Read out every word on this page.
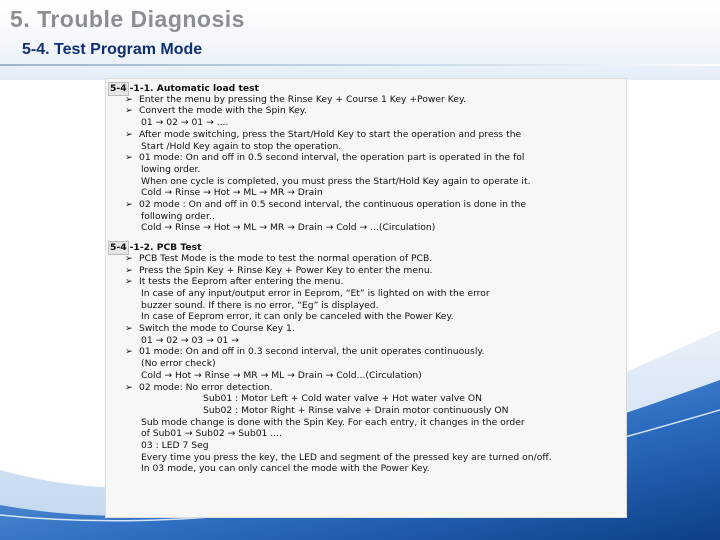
5. Trouble Diagnosis
5-4. Test Program Mode
5-4 -1-1. Automatic load test
➢ Enter the menu by pressing the Rinse Key + Course 1 Key +Power Key.
➢ Convert the mode with the Spin Key.
01 → 02 → 01 → ....
➢ After mode switching, press the Start/Hold Key to start the operation and press the
Start /Hold Key again to stop the operation.
➢ 01 mode: On and off in 0.5 second interval, the operation part is operated in the fol
lowing order.
When one cycle is completed, you must press the Start/Hold Key again to operate it.
Cold → Rinse → Hot → ML → MR → Drain
➢ 02 mode : On and off in 0.5 second interval, the continuous operation is done in the
following order..
Cold → Rinse → Hot → ML → MR → Drain → Cold → ...(Circulation)
5-4 -1-2. PCB Test
➢ PCB Test Mode is the mode to test the normal operation of PCB.
➢ Press the Spin Key + Rinse Key + Power Key to enter the menu.
➢ It tests the Eeprom after entering the menu.
In case of any input/output error in Eeprom, “Et” is lighted on with the error
buzzer sound. If there is no error, “Eg” is displayed.
In case of Eeprom error, it can only be canceled with the Power Key.
➢ Switch the mode to Course Key 1.
01 → 02 → 03 → 01 →
➢ 01 mode: On and off in 0.3 second interval, the unit operates continuously.
(No error check)
Cold → Hot → Rinse → MR → ML → Drain → Cold...(Circulation)
➢ 02 mode: No error detection.
Sub01 : Motor Left + Cold water valve + Hot water valve ON
Sub02 : Motor Right + Rinse valve + Drain motor continuously ON
Sub mode change is done with the Spin Key. For each entry, it changes in the order
of Sub01 → Sub02 → Sub01 ....
03 : LED 7 Seg
Every time you press the key, the LED and segment of the pressed key are turned on/off.
In 03 mode, you can only cancel the mode with the Power Key.
